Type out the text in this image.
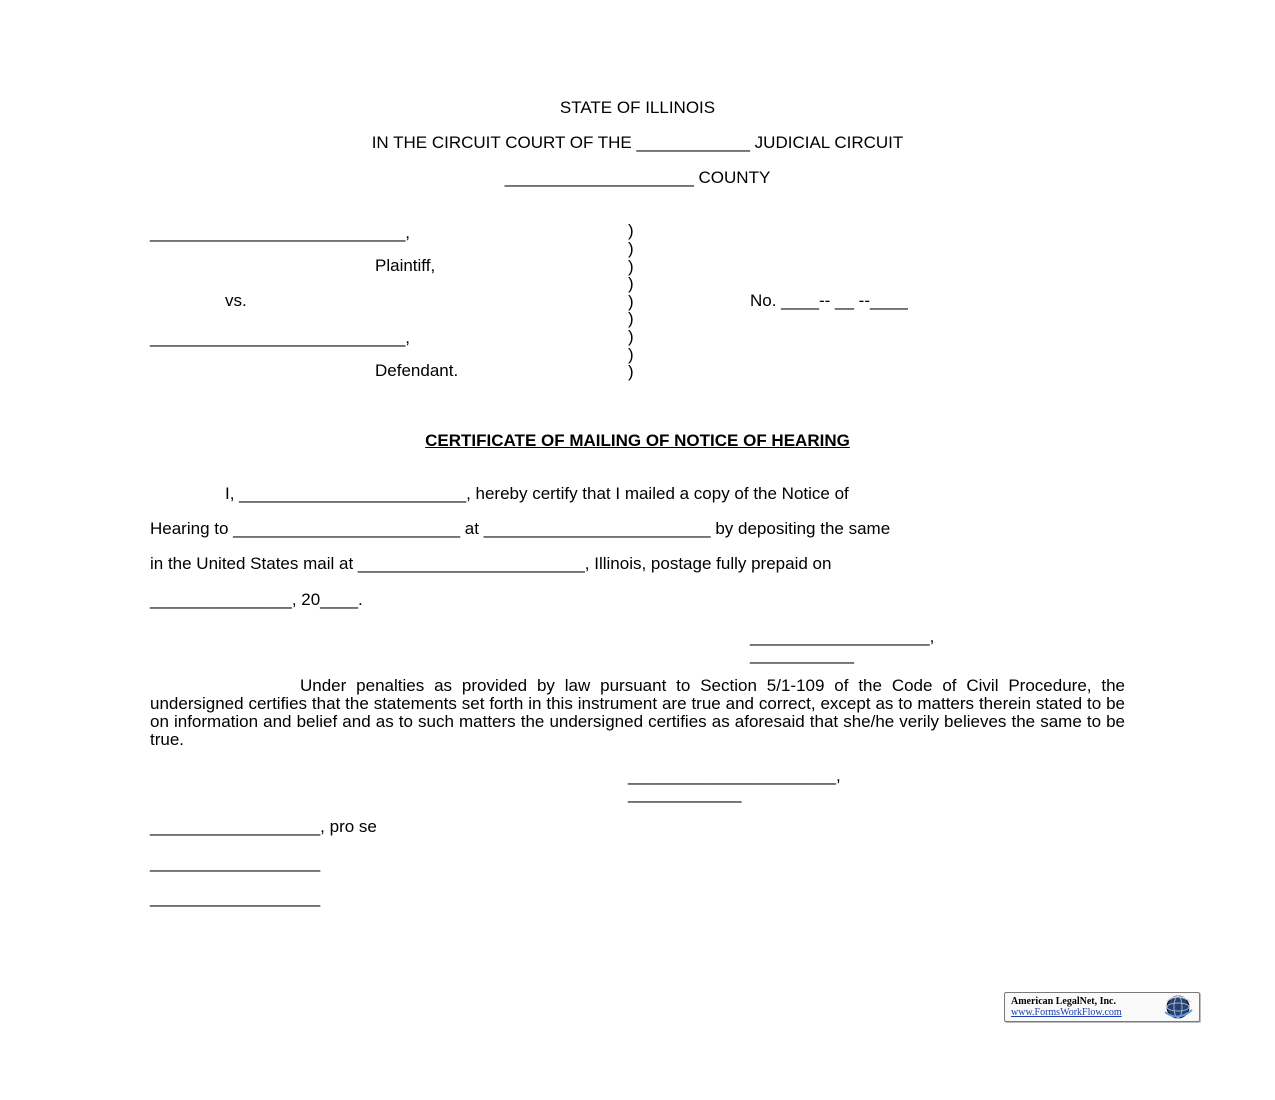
STATE OF ILLINOIS
IN THE CIRCUIT COURT OF THE ____________ JUDICIAL CIRCUIT
____________________ COUNTY
___________________________,
Plaintiff,
vs.
___________________________,
Defendant.
)
)
)
)
)
)
)
)
)
No. ____-- __ --____
CERTIFICATE OF MAILING OF NOTICE OF HEARING
I, ________________________, hereby certify that I mailed a copy of the Notice of
Hearing to ________________________ at ________________________ by depositing the same
in the United States mail at ________________________, Illinois, postage fully prepaid on
_______________, 20____.
___________________,
___________
Under penalties as provided by law pursuant to Section 5/1-109 of the Code of Civil Procedure, the undersigned certifies that the statements set forth in this instrument are true and correct, except as to matters therein stated to be on information and belief and as to such matters the undersigned certifies as aforesaid that she/he verily believes the same to be true.
______________________,
____________
__________________, pro se
__________________
__________________
American LegalNet, Inc.
www.FormsWorkFlow.com
